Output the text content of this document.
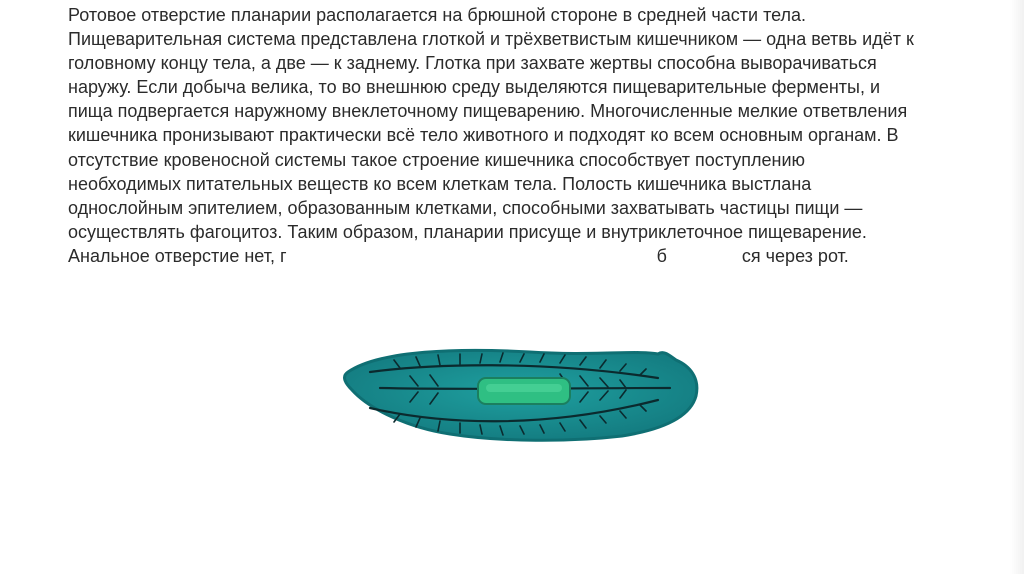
Ротовое отверстие планарии располагается на брюшной стороне в средней части тела.
Пищеварительная система представлена глоткой и трёхветвистым кишечником — одна ветвь идёт к
головному концу тела, а две — к заднему. Глотка при захвате жертвы способна выворачиваться
наружу. Если добыча велика, то во внешнюю среду выделяются пищеварительные ферменты, и
пища подвергается наружному внеклеточному пищеварению. Многочисленные мелкие ответвления
кишечника пронизывают практически всё тело животного и подходят ко всем основным органам. В
отсутствие кровеносной системы такое строение кишечника способствует поступлению
необходимых питательных веществ ко всем клеткам тела. Полость кишечника выстлана
однослойным эпителием, образованным клетками, способными захватывать частицы пищи —
осуществлять фагоцитоз. Таким образом, планарии присуще и внутриклеточное пищеварение.
Анальное отверстие нет, г                                                                          б               ся через рот.
